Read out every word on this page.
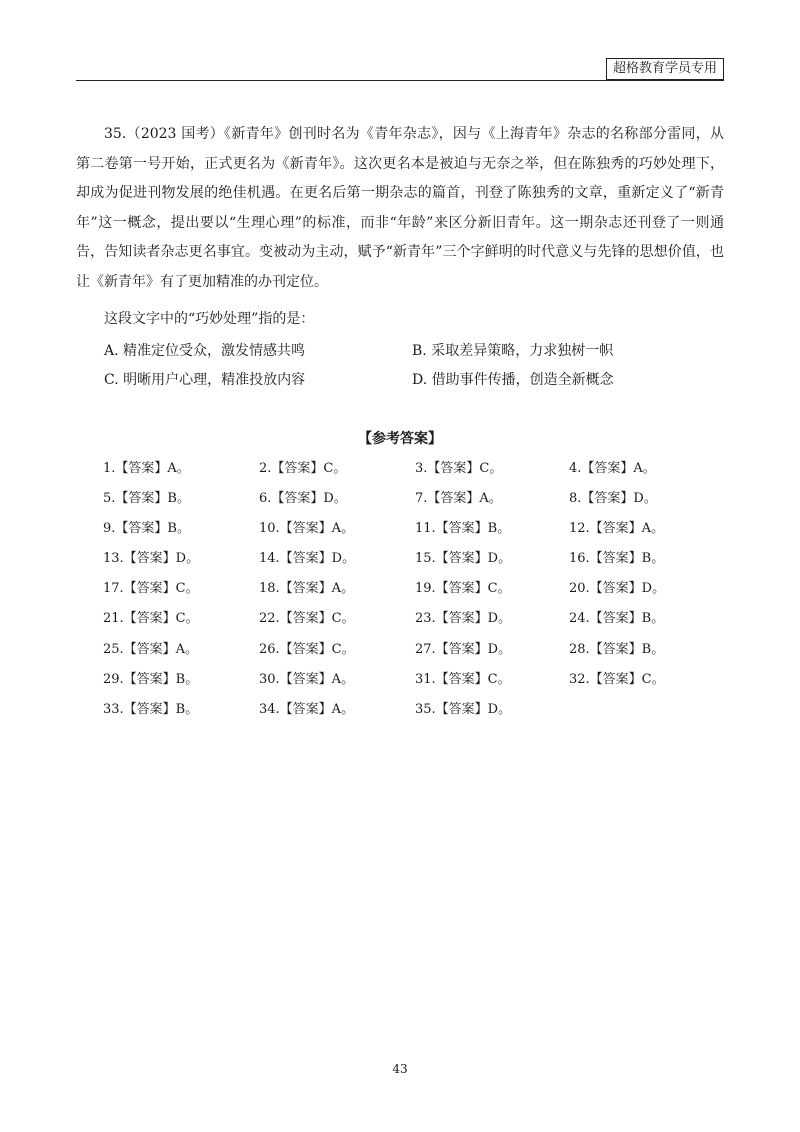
超格教育学员专用

35.（2023 国考）《新青年》创刊时名为《青年杂志》，因与《上海青年》杂志的名称部分雷同，从第二卷第一号开始，正式更名为《新青年》。这次更名本是被迫与无奈之举，但在陈独秀的巧妙处理下，却成为促进刊物发展的绝佳机遇。在更名后第一期杂志的篇首，刊登了陈独秀的文章，重新定义了“新青年”这一概念，提出要以“生理心理”的标准，而非“年龄”来区分新旧青年。这一期杂志还刊登了一则通告，告知读者杂志更名事宜。变被动为主动，赋予“新青年”三个字鲜明的时代意义与先锋的思想价值，也让《新青年》有了更加精准的办刊定位。

这段文字中的“巧妙处理”指的是：

A. 精准定位受众，激发情感共鸣	B. 采取差异策略，力求独树一帜
C. 明晰用户心理，精准投放内容	D. 借助事件传播，创造全新概念
【参考答案】
1.【答案】A。	2.【答案】C。	3.【答案】C。	4.【答案】A。
5.【答案】B。	6.【答案】D。	7.【答案】A。	8.【答案】D。
9.【答案】B。	10.【答案】A。	11.【答案】B。	12.【答案】A。
13.【答案】D。	14.【答案】D。	15.【答案】D。	16.【答案】B。
17.【答案】C。	18.【答案】A。	19.【答案】C。	20.【答案】D。
21.【答案】C。	22.【答案】C。	23.【答案】D。	24.【答案】B。
25.【答案】A。	26.【答案】C。	27.【答案】D。	28.【答案】B。
29.【答案】B。	30.【答案】A。	31.【答案】C。	32.【答案】C。
33.【答案】B。	34.【答案】A。	35.【答案】D。
43
